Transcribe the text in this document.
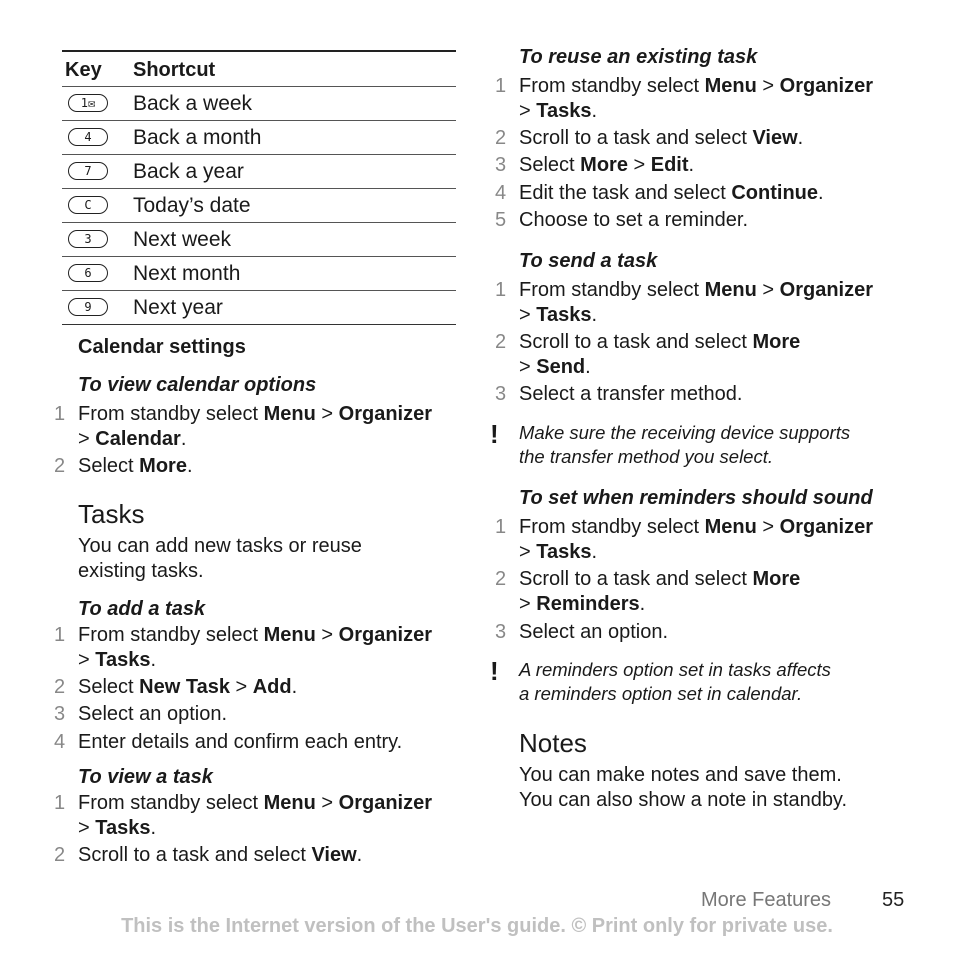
Key Shortcut
1✉	Back a week
4	Back a month
7	Back a year
C	Today’s date
3	Next week
6	Next month
9	Next year
Calendar settings
To view calendar options
1 From standby select Menu > Organizer
> Calendar.
2 Select More.
Tasks
You can add new tasks or reuse
existing tasks.
To add a task
1 From standby select Menu > Organizer
> Tasks.
2 Select New Task > Add.
3 Select an option.
4 Enter details and confirm each entry.
To view a task
1 From standby select Menu > Organizer
> Tasks.
2 Scroll to a task and select View.
To reuse an existing task
1 From standby select Menu > Organizer
> Tasks.
2 Scroll to a task and select View.
3 Select More > Edit.
4 Edit the task and select Continue.
5 Choose to set a reminder.
To send a task
1 From standby select Menu > Organizer
> Tasks.
2 Scroll to a task and select More
> Send.
3 Select a transfer method.
! Make sure the receiving device supports
the transfer method you select.
To set when reminders should sound
1 From standby select Menu > Organizer
> Tasks.
2 Scroll to a task and select More
> Reminders.
3 Select an option.
! A reminders option set in tasks affects
a reminders option set in calendar.
Notes
You can make notes and save them.
You can also show a note in standby.
More Features	55
This is the Internet version of the User's guide. © Print only for private use.
